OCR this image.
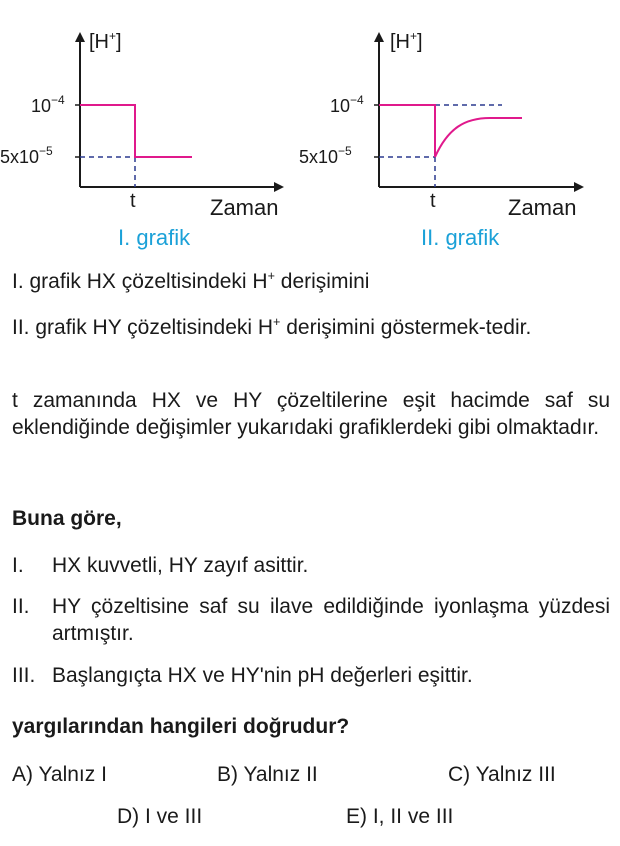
[H+]
$10^{-4}$
$5x10^{-5}$
t	Zaman
[H+]
$10^{-4}$
$5x10^{-5}$
t	Zaman
I. grafik	II. grafik
I. grafik HX çözeltisindeki H+ derişimini
II. grafik HY çözeltisindeki H+ derişimini göstermek-tedir.
t zamanında HX ve HY çözeltilerine eşit hacimde saf su eklendiğinde değişimler yukarıdaki grafiklerdeki gibi olmaktadır.
Buna göre,
I. HX kuvvetli, HY zayıf asittir.
II. HY çözeltisine saf su ilave edildiğinde iyonlaşma yüzdesi artmıştır.
III. Başlangıçta HX ve HY'nin pH değerleri eşittir.
yargılarından hangileri doğrudur?
A) Yalnız I	B) Yalnız II	C) Yalnız III
D) I ve III	E) I, II ve III
